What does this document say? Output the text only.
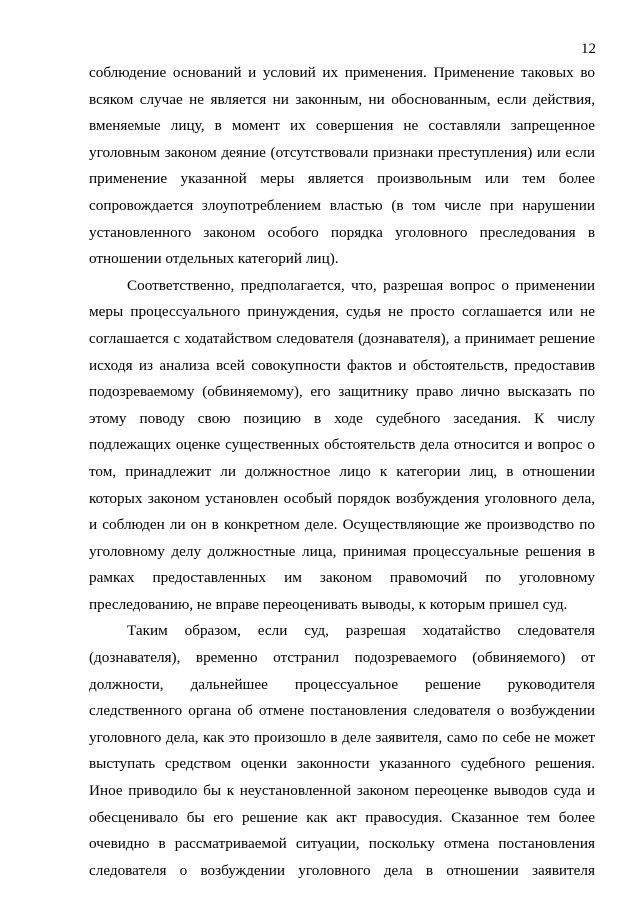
12
соблюдение оснований и условий их применения. Применение таковых во
всяком случае не является ни законным, ни обоснованным, если действия,
вменяемые лицу, в момент их совершения не составляли запрещенное
уголовным законом деяние (отсутствовали признаки преступления) или если
применение указанной меры является произвольным или тем более
сопровождается злоупотреблением властью (в том числе при нарушении
установленного законом особого порядка уголовного преследования в
отношении отдельных категорий лиц).
Соответственно, предполагается, что, разрешая вопрос о применении
меры процессуального принуждения, судья не просто соглашается или не
соглашается с ходатайством следователя (дознавателя), а принимает решение
исходя из анализа всей совокупности фактов и обстоятельств, предоставив
подозреваемому (обвиняемому), его защитнику право лично высказать по
этому поводу свою позицию в ходе судебного заседания. К числу
подлежащих оценке существенных обстоятельств дела относится и вопрос о
том, принадлежит ли должностное лицо к категории лиц, в отношении
которых законом установлен особый порядок возбуждения уголовного дела,
и соблюден ли он в конкретном деле. Осуществляющие же производство по
уголовному делу должностные лица, принимая процессуальные решения в
рамках предоставленных им законом правомочий по уголовному
преследованию, не вправе переоценивать выводы, к которым пришел суд.
Таким образом, если суд, разрешая ходатайство следователя
(дознавателя), временно отстранил подозреваемого (обвиняемого) от
должности, дальнейшее процессуальное решение руководителя
следственного органа об отмене постановления следователя о возбуждении
уголовного дела, как это произошло в деле заявителя, само по себе не может
выступать средством оценки законности указанного судебного решения.
Иное приводило бы к неустановленной законом переоценке выводов суда и
обесценивало бы его решение как акт правосудия. Сказанное тем более
очевидно в рассматриваемой ситуации, поскольку отмена постановления
следователя о возбуждении уголовного дела в отношении заявителя
